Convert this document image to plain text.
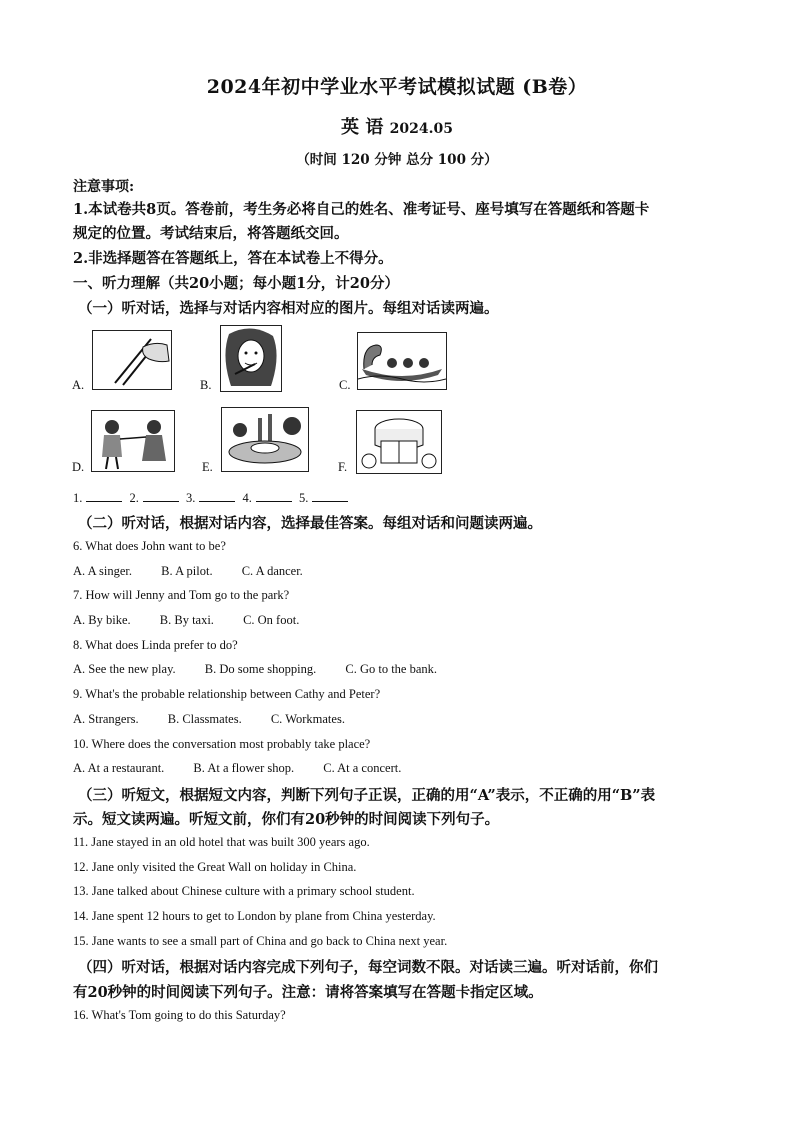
2024年初中学业水平考试模拟试题 (B卷）
英 语 2024.05
（时间 120 分钟 总分 100 分）
注意事项:
1.本试卷共8页。答卷前，考生务必将自己的姓名、准考证号、座号填写在答题纸和答题卡
规定的位置。考试结束后，将答题纸交回。
2.非选择题答在答题纸上，答在本试卷上不得分。
一、听力理解（共20小题；每小题1分，计20分）
（一）听对话，选择与对话内容相对应的图片。每组对话读两遍。
A.	B.	C.
D.	E.	F.
1.	2.	3.	4.	5.
（二）听对话，根据对话内容，选择最佳答案。每组对话和问题读两遍。
6. What does John want to be?
A. A singer. B. A pilot. C. A dancer.
7. How will Jenny and Tom go to the park?
A. By bike. B. By taxi. C. On foot.
8. What does Linda prefer to do?
A. See the new play. B. Do some shopping. C. Go to the bank.
9. What's the probable relationship between Cathy and Peter?
A. Strangers. B. Classmates. C. Workmates.
10. Where does the conversation most probably take place?
A. At a restaurant. B. At a flower shop. C. At a concert.
（三）听短文，根据短文内容，判断下列句子正误，正确的用“A”表示，不正确的用“B”表
示。短文读两遍。听短文前，你们有20秒钟的时间阅读下列句子。
11. Jane stayed in an old hotel that was built 300 years ago.
12. Jane only visited the Great Wall on holiday in China.
13. Jane talked about Chinese culture with a primary school student.
14. Jane spent 12 hours to get to London by plane from China yesterday.
15. Jane wants to see a small part of China and go back to China next year.
（四）听对话，根据对话内容完成下列句子，每空词数不限。对话读三遍。听对话前，你们
有20秒钟的时间阅读下列句子。注意：请将答案填写在答题卡指定区域。
16. What's Tom going to do this Saturday?
